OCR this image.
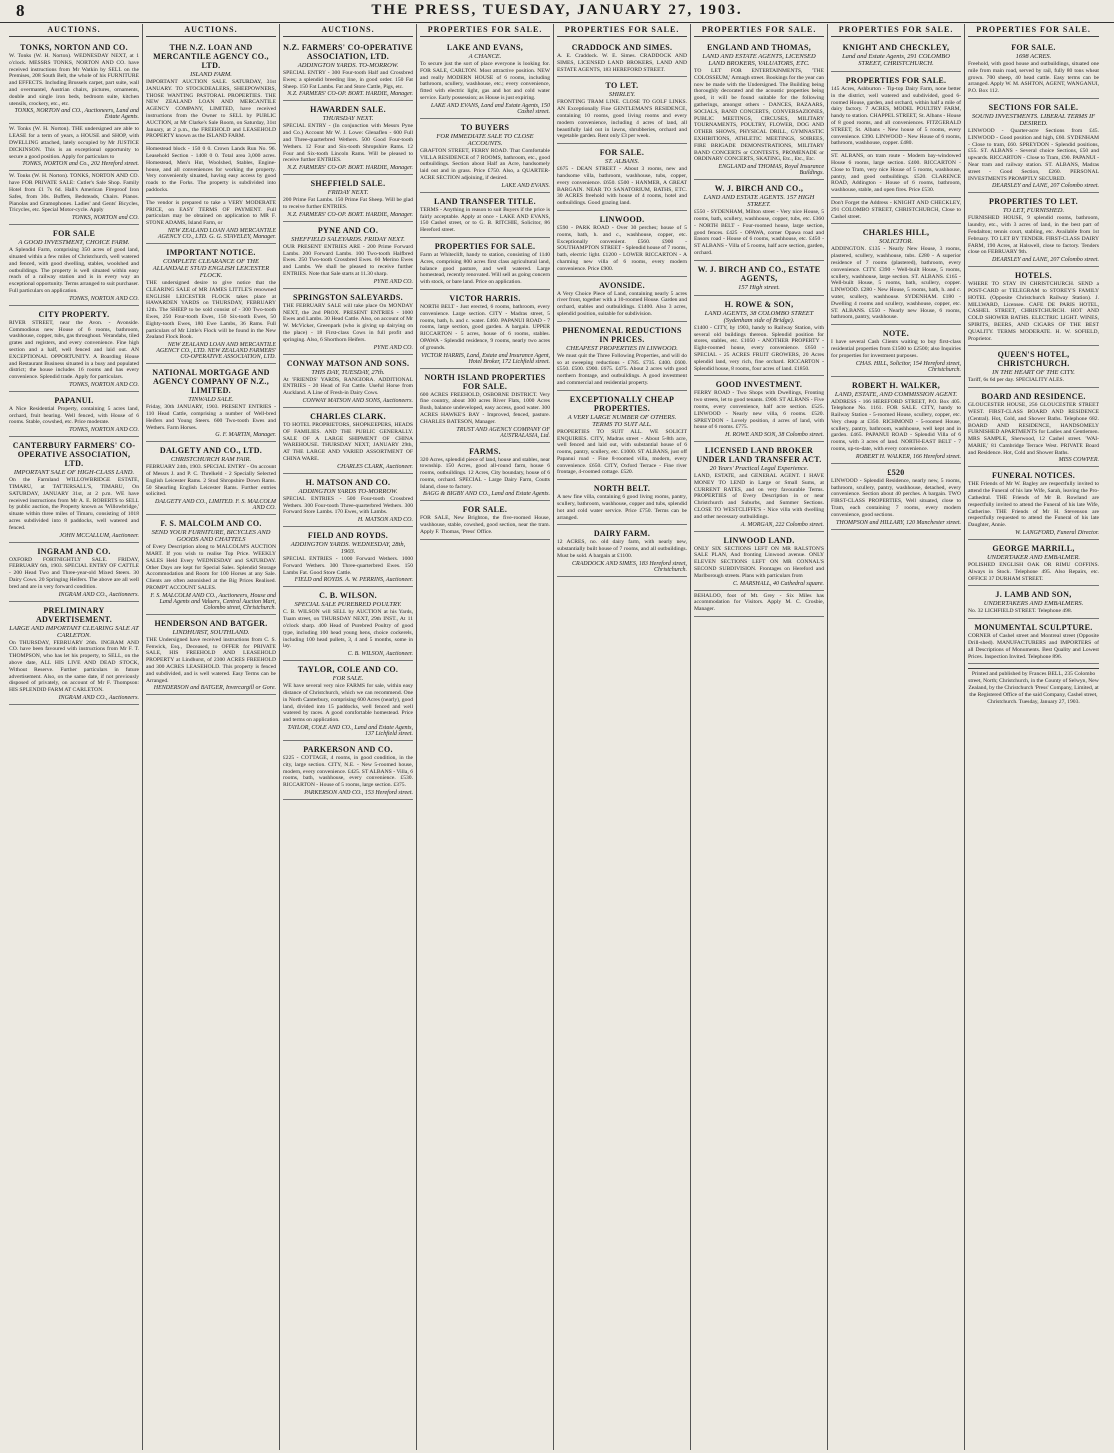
8	THE PRESS, TUESDAY, JANUARY 27, 1903.
AUCTIONS.
TONKS, NORTON AND CO.

W. Tonks (W. H. Norton). WEDNESDAY NEXT, at 1 o'clock. MESSRS TONKS, NORTON AND CO. have received instructions from Mr Watkin by SELL on the Premises, 208 South Belt, the whole of his FURNITURE and EFFECTS. Including Brussels carpet, part suite, wall and overmantel, Austrian chairs, pictures, ornaments, double and single iron beds, bedroom suite, kitchen utensils, crockery, etc., etc.

TONKS, NORTON and CO., Auctioneers, Land and Estate Agents.

W. Tonks (W. H. Norton). THE undersigned are able to LEASE for a term of years, a HOUSE and SHOP, with DWELLING attached, lately occupied by Mr JUSTICE DICKINSON. This is an exceptional opportunity to secure a good position. Apply for particulars to

TONKS, NORTON and Co., 202 Hereford street.

W. Tonks (W. H. Norton). TONKS, NORTON AND CO. have FOR PRIVATE SALE: Cutler's Sale Shop. Family Hotel from £1 7s 6d. Hall's American Fireproof Iron Safes, from 30s. Buffets, Bedsteads, Chairs. Pianos. Pianolas and Gramophones. Ladies' and Gents' Bicycles, Tricycles, etc. Special Motor-cycle. Apply

TONKS, NORTON and CO.
FOR SALE
A GOOD INVESTMENT, CHOICE FARM.

A Splendid Farm, comprising 350 acres of good land, situated within a few miles of Christchurch, well watered and fenced, with good dwelling, stables, woolshed and outbuildings. The property is well situated within easy reach of a railway station and is in every way an exceptional opportunity. Terms arranged to suit purchaser. Full particulars on application.

TONKS, NORTON AND CO.
CITY PROPERTY.

RIVER STREET, near the Avon. - Avonside. Commodious new House of 6 rooms, bathroom, washhouse, copper, tubs, gas throughout. Verandahs, tiled grates and registers, and every convenience. Fine high section and a half, well fenced and laid out. AN EXCEPTIONAL OPPORTUNITY. A Boarding House and Restaurant Business situated in a busy and populated district; the house includes 16 rooms and has every convenience. Splendid trade. Apply for particulars.

TONKS, NORTON AND CO.
PAPANUI.

A Nice Residential Property, containing 5 acres land, orchard, fruit bearing. Well fenced, with House of 6 rooms. Stable, cowshed, etc. Price moderate.

TONKS, NORTON AND CO.
CANTERBURY FARMERS' CO-OPERATIVE ASSOCIATION, LTD.
IMPORTANT SALE OF HIGH-CLASS LAND.

On the Farmland WILLOWBRIDGE ESTATE, TIMARU, at TATTERSALL'S, TIMARU, On SATURDAY, JANUARY 31st, at 2 p.m. WE have received instructions from Mr A. E. ROBERTS to SELL by public auction, the Property known as 'Willowbridge,' situate within three miles of Timaru, consisting of 1018 acres subdivided into 8 paddocks, well watered and fenced.

JOHN MCCALLUM, Auctioneer.
INGRAM AND CO.

OXFORD FORTNIGHTLY SALE. FRIDAY, FEBRUARY 6th, 1903. SPECIAL ENTRY OF CATTLE - 200 Head Two and Three-year-old Mixed Steers. 30 Dairy Cows. 20 Springing Heifers. The above are all well bred and are in very forward condition.

INGRAM AND CO., Auctioneers.
PRELIMINARY ADVERTISEMENT.
LARGE AND IMPORTANT CLEARING SALE AT CARLETON.

On THURSDAY, FEBRUARY 26th. INGRAM AND CO. have been favoured with instructions from Mr F. T. THOMPSON, who has let his property, to SELL, on the above date, ALL HIS LIVE AND DEAD STOCK, Without Reserve. Further particulars in future advertisement. Also, on the same date, if not previously disposed of privately, on account of Mr F. Thompson: HIS SPLENDID FARM AT CARLETON.

INGRAM AND CO., Auctioneers.
AUCTIONS.
THE N.Z. LOAN AND MERCANTILE AGENCY CO., LTD.
ISLAND FARM.

IMPORTANT AUCTION SALE. SATURDAY, 31st JANUARY. TO STOCKDEALERS, SHEEPOWNERS, THOSE WANTING PASTORAL PROPERTIES. THE NEW ZEALAND LOAN AND MERCANTILE AGENCY COMPANY, LIMITED, have received instructions from the Owner to SELL by PUBLIC AUCTION, at Mr Clarke's Sale Room, on Saturday, 31st January, at 2 p.m., the FREEHOLD and LEASEHOLD PROPERTY known as the ISLAND FARM.

Homestead block - 150 0 0. Crown Lands Run No. 96. Leasehold Section - 1408 0 0. Total area 3,000 acres. Homestead, Men's Hut, Woolshed, Stables, Engine-house, and all conveniences for working the property. Very conveniently situated, having easy access by good roads to the Forks. The property is subdivided into paddocks.

The vendor is prepared to take a VERY MODERATE PRICE, on EASY TERMS OF PAYMENT. Full particulars may be obtained on application to MR F. STONE ADAMS, Island Farm, or

NEW ZEALAND LOAN AND MERCANTILE AGENCY CO., LTD. G. G. STAVELEY, Manager.
IMPORTANT NOTICE.
COMPLETE CLEARANCE OF THE ALLANDALE STUD ENGLISH LEICESTER FLOCK.

THE undersigned desire to give notice that the CLEARING SALE of MR JAMES LITTLE'S renowned ENGLISH LEICESTER FLOCK takes place at HAWARDEN YARDS on THURSDAY, FEBRUARY 12th. The SHEEP to be sold consist of - 300 Two-tooth Ewes, 250 Four-tooth Ewes, 150 Six-tooth Ewes, 50 Eighty-tooth Ewes, 180 Ewe Lambs, 36 Rams. Full particulars of Mr Little's Flock will be found in the New Zealand Flock Book.

NEW ZEALAND LOAN AND MERCANTILE AGENCY CO., LTD. NEW ZEALAND FARMERS' CO-OPERATIVE ASSOCIATION, LTD.
NATIONAL MORTGAGE AND AGENCY COMPANY OF N.Z., LIMITED.
TINWALD SALE.

Friday, 30th JANUARY, 1903. PRESENT ENTRIES - 110 Head Cattle, comprising a number of Well-bred Heifers and Young Steers. 600 Two-tooth Ewes and Wethers. Farm Horses.

G. F. MARTIN, Manager.
DALGETY AND CO., LTD.
CHRISTCHURCH RAM FAIR.

FEBRUARY 24th, 1903. SPECIAL ENTRY - On account of Messrs J. and P. C. Threlkeld - 2 Specially Selected English Leicester Rams. 2 Stud Shropshire Down Rams. 50 Shearling English Leicester Rams. Further entries solicited.

DALGETY AND CO., LIMITED. F. S. MALCOLM AND CO.
F. S. MALCOLM AND CO.
SEND YOUR FURNITURE, BICYCLES AND GOODS AND CHATTELS

of Every Description along to MALCOLM'S AUCTION MART. If you wish to realise Top Price. WEEKLY SALES Held Every WEDNESDAY and SATURDAY. Other Days are kept for Special Sales. Splendid Storage Accommodation and Room for 100 Horses at any Sale. Clients are often astonished at the Big Prices Realised. PROMPT ACCOUNT SALES.

F. S. MALCOLM AND CO., Auctioneers, House and Land Agents and Valuers, Central Auction Mart, Colombo street, Christchurch.
HENDERSON AND BATGER.
LINDHURST, SOUTHLAND.

THE Undersigned have received instructions from C. S. Fenwick, Esq., Deceased, to OFFER for PRIVATE SALE, HIS FREEHOLD AND LEASEHOLD PROPERTY at Lindhurst, of 2300 ACRES FREEHOLD and 300 ACRES LEASEHOLD. This property is fenced and subdivided, and is well watered. Easy Terms can be Arranged.

HENDERSON and BATGER, Invercargill or Gore.
AUCTIONS.
N.Z. FARMERS' CO-OPERATIVE ASSOCIATION, LTD.
ADDINGTON YARDS. TO-MORROW.

SPECIAL ENTRY - 300 Four-tooth Half and Crossbred Ewes; a splendid breeding line, in good order. 150 Fat Sheep. 150 Fat Lambs. Fat and Store Cattle, Pigs, etc.

N.Z. FARMERS' CO-OP. BORT. HARDIE, Manager.
HAWARDEN SALE.
THURSDAY NEXT.

SPECIAL ENTRY - (In conjunction with Messrs Pyne and Co.) Account Mr W. J. Lowe: Glenaflen - 600 Full and Three-quarterbred Wethers. 500 Good Four-tooth Wethers. 12 Four and Six-tooth Shropshire Rams. 12 Four and Six-tooth Lincoln Rams. Will be pleased to receive further ENTRIES.

N.Z. FARMERS' CO-OP. BORT. HARDIE, Manager.
SHEFFIELD SALE.
FRIDAY NEXT.

200 Prime Fat Lambs. 150 Prime Fat Sheep. Will be glad to receive further ENTRIES.

N.Z. FARMERS' CO-OP. BORT. HARDIE, Manager.
PYNE AND CO.
SHEFFIELD SALEYARDS. FRIDAY NEXT.

OUR PRESENT ENTRIES ARE - 200 Prime Forward Lambs. 200 Forward Lambs. 100 Two-tooth Halfbred Ewes. 250 Two-tooth Crossbred Ewes. 60 Merino Ewes and Lambs. We shall be pleased to receive further ENTRIES. Note that Sale starts at 11.30 sharp.

PYNE AND CO.
SPRINGSTON SALEYARDS.

THE FEBRUARY SALE will take place On MONDAY NEXT, the 2nd PROX. PRESENT ENTRIES - 1000 Ewes and Lambs. 30 Head Cattle. Also, on account of Mr W. McVicker, Greenpark (who is giving up dairying on the place) - 18 First-class Cows in full profit and springing. Also, 6 Shorthorn Heifers.

PYNE AND CO.
CONWAY MATSON AND SONS.
THIS DAY, TUESDAY, 27th.

At 'FRIENDS' YARDS, RANGIORA. ADDITIONAL ENTRIES - 20 Head of Fat Cattle. Useful Horse from Auckland. A Line of Fresh-in Dairy Cows.

CONWAY MATSON AND SONS, Auctioneers.
CHARLES CLARK.

TO HOTEL PROPRIETORS, SHOPKEEPERS, HEADS OF FAMILIES. AND THE PUBLIC GENERALLY. SALE OF A LARGE SHIPMENT OF CHINA WAREHOUSE. THURSDAY NEXT, JANUARY 29th, AT THE LARGE AND VARIED ASSORTMENT OF CHINA WARE.

CHARLES CLARK, Auctioneer.
H. MATSON AND CO.
ADDINGTON YARDS TO-MORROW.

SPECIAL ENTRIES - 500 Four-tooth Crossbred Wethers. 300 Four-tooth Three-quarterbred Wethers. 300 Forward Store Lambs. 170 Ewes, with Lambs.

H. MATSON AND CO.
FIELD AND ROYDS.
ADDINGTON YARDS. WEDNESDAY, 28th, 1903.

SPECIAL ENTRIES - 1000 Forward Wethers. 1000 Forward Wethers. 300 Three-quarterbred Ewes. 150 Lambs Fat. Good Store Cattle.

FIELD and ROYDS. A. W. PERRINS, Auctioneer.
C. B. WILSON.
SPECIAL SALE PUREBRED POULTRY.

C. B. WILSON will SELL by AUCTION at his Yards, Tuam street, on THURSDAY NEXT, 29th INST., At 11 o'clock sharp. 400 Head of Purebred Poultry of good type, including 100 head young hens, choice cockerels, including 100 head pullets, 3, 4 and 5 months, some in lay.

C. B. WILSON, Auctioneer.
TAYLOR, COLE AND CO.
FOR SALE.

WE have several very nice FARMS for sale, within easy distance of Christchurch, which we can recommend. One in North Canterbury, comprising 600 Acres (nearly), good land, divided into 15 paddocks, well fenced and well watered by races. A good comfortable homestead. Price and terms on application.

TAYLOR, COLE AND CO., Land and Estate Agents, 137 Lichfield street.
PARKERSON AND CO.

£225 - COTTAGE, 4 rooms, in good condition, in the city, large section. CITY, N.E. - New 5-roomed house, modern, every convenience. £425. ST ALBANS - Villa, 6 rooms, bath, washhouse, every convenience. £530. RICCARTON - House of 5 rooms, large section. £375.

PARKERSON AND CO., 153 Hereford street.
PROPERTIES FOR SALE.
LAKE AND EVANS,
A CHANCE.

To secure just the sort of place everyone is looking for. FOR SALE, CARLTON. Most attractive position. NEW and really MODERN HOUSE of 6 rooms, including bathroom, scullery, washhouse, etc.; every convenience, fitted with electric light, gas and hot and cold water service. Early possession; as House is just expiring.

LAKE AND EVANS, Land and Estate Agents, 150 Cashel street.
TO BUYERS
FOR IMMEDIATE SALE TO CLOSE ACCOUNTS.

GRAFTON STREET, FERRY ROAD. That Comfortable VILLA RESIDENCE of 7 ROOMS, bathroom, etc., good outbuildings. Section about Half an Acre, handsomely laid out and in grass. Price £750. Also, a QUARTER-ACRE SECTION adjoining, if desired.

LAKE AND EVANS.
LAND TRANSFER TITLE.

TERMS - Anything in reason to suit Buyers if the price is fairly acceptable. Apply at once - LAKE AND EVANS, 150 Cashel street, or to G. B. RITCHIE, Solicitor, 86 Hereford street.

PROPERTIES FOR SALE.

Farm at Whiteclift, handy to station, consisting of 1140 Acres, comprising 800 acres first class agricultural land, balance good pasture, and well watered. Large homestead, recently renovated. Will sell as going concern with stock, or bare land. Price on application.

VICTOR HARRIS.

NORTH BELT - Just erected, 6 rooms, bathroom, every convenience. Large section. CITY - Madras street, 5 rooms, bath, h. and c. water. £460. PAPANUI ROAD - 7 rooms, large section, good garden. A bargain. UPPER RICCARTON - 5 acres, house of 6 rooms, stables. OPAWA - Splendid residence, 9 rooms, nearly two acres of grounds.

VICTOR HARRIS, Land, Estate and Insurance Agent, Hotel Broker, 172 Lichfield street.
NORTH ISLAND PROPERTIES FOR SALE.

600 ACRES FREEHOLD, OSBORNE DISTRICT. Very fine country, about 300 acres River Flats, 1000 Acres Bush, balance undeveloped, easy access, good water. 300 ACRES HAWKE'S BAY - Improved, fenced, pasture. CHARLES BATESON, Manager.

TRUST AND AGENCY COMPANY OF AUSTRALASIA, Ltd.
FARMS.

320 Acres, splendid piece of land, house and stables, near township. 150 Acres, good all-round farm, house 6 rooms, outbuildings. 12 Acres, City boundary, house of 6 rooms, orchard. SPECIAL - Large Dairy Farm, Coutts Island, close to factory.

BAGG & BIGBY AND CO., Land and Estate Agents.
FOR SALE.

FOR SALE, New Brighton, the five-roomed House, washhouse, stable, cowshed, good section, near the tram. Apply F. Thomas, 'Press' Office.

PROPERTIES FOR SALE.
CRADDOCK AND SIMES.

A. E. Craddock. W. E. Simes. CRADDOCK AND SIMES, LICENSED LAND BROKERS, LAND AND ESTATE AGENTS, 183 HEREFORD STREET.

TO LET.
SHIRLEY.

FRONTING TRAM LINE. CLOSE TO GOLF LINKS. AN Exceptionally Fine GENTLEMAN'S RESIDENCE, containing 10 rooms, good living rooms and every modern convenience, including 4 acres of land, all beautifully laid out in lawns, shrubberies, orchard and vegetable garden. Rent only £3 per week.

FOR SALE.
ST. ALBANS.

£675 - DEAN STREET - About 3 rooms, new and handsome villa, bathroom, washhouse, tubs, copper, every convenience. £650. £500 - HANMER, A GREAT BARGAIN. NEAR TO SANATORIUM, BATHS, ETC. 30 ACRES freehold with house of 4 rooms, hotel and outbuildings. Good grazing land.

LINWOOD.

£590 - PARK ROAD - Over 30 perches; house of 5 rooms, bath, h. and c., washhouse, copper, etc. Exceptionally convenient. £560. £900 - SOUTHAMPTON STREET - Splendid house of 7 rooms, bath, electric light. £1200 - LOWER RICCARTON - A charming new villa of 6 rooms, every modern convenience. Price £900.

AVONSIDE.

A Very Choice Piece of Land, containing nearly 5 acres river front, together with a 10-roomed House. Garden and orchard, stables and outbuildings. £1400. Also 3 acres, splendid position, suitable for subdivision.

PHENOMENAL REDUCTIONS IN PRICES.
CHEAPEST PROPERTIES IN LINWOOD.

We must quit the Three Following Properties, and will do so at sweeping reductions - £785. £735. £400. £600. £550. £500. £900. £675. £475. About 2 acres with good northern frontage, and outbuildings. A good investment and commercial and residential property.

EXCEPTIONALLY CHEAP PROPERTIES.
A VERY LARGE NUMBER OF OTHERS. TERMS TO SUIT ALL.

PROPERTIES TO SUIT ALL. WE SOLICIT ENQUIRIES. CITY, Madras street - About 5-8th acre, well fenced and laid out, with substantial house of 6 rooms, pantry, scullery, etc. £1000. ST ALBANS, just off Papanui road - Fine 8-roomed villa, modern, every convenience. £650. CITY, Oxford Terrace - Fine river frontage, 4-roomed cottage. £520.

NORTH BELT.

A new fine villa, containing 6 good living rooms, pantry, scullery, bathroom, washhouse, copper and tubs, splendid hot and cold water service. Price £750. Terms can be arranged.

DAIRY FARM.

12 ACRES, no. old dairy farm, with nearly new, substantially built house of 7 rooms, and all outbuildings. Must be sold. A bargain at £1100.

CRADDOCK AND SIMES, 183 Hereford street, Christchurch.
PROPERTIES FOR SALE.
ENGLAND AND THOMAS,
LAND AND ESTATE AGENTS, LICENSED LAND BROKERS, VALUATORS, ETC.

TO LET FOR ENTERTAINMENTS, 'THE COLOSSEUM,' Armagh street. Bookings for the year can now be made with the Undersigned. The Building being thoroughly decorated and the acoustic properties being good, it will be found suitable for the following gatherings, amongst others - DANCES, BAZAARS, SOCIALS, BAND CONCERTS, CONVERSAZIONES, PUBLIC MEETINGS, CIRCUSES, MILITARY TOURNAMENTS, POULTRY, FLOWER, DOG AND OTHER SHOWS, PHYSICAL DRILL, GYMNASTIC EXHIBITIONS, ATHLETIC MEETINGS, SOIREES, FIRE BRIGADE DEMONSTRATIONS, MILITARY BAND CONCERTS or CONTESTS, PROMENADE or ORDINARY CONCERTS, SKATING, Etc., Etc., Etc.

ENGLAND and THOMAS, Royal Insurance Buildings.
W. J. BIRCH AND CO.,
LAND AND ESTATE AGENTS. 157 HIGH STREET.

£550 - SYDENHAM, Milton street - Very nice House, 5 rooms, bath, scullery, washhouse, copper, tubs, etc. £360 - NORTH BELT - Four-roomed house, large section, good fences. £425 - OPAWA, corner Opawa road and Ensors road - House of 6 rooms, washhouse, etc. £450 - ST ALBANS - Villa of 5 rooms, half acre section, garden, orchard.

W. J. BIRCH AND CO., ESTATE AGENTS,
157 High street.
H. ROWE & SON,
LAND AGENTS, 38 COLOMBO STREET (Sydenham side of Bridge).

£1400 - CITY, by 1903, handy to Railway Station, with several old buildings thereon. Splendid position for stores, stables, etc. £1050 - ANOTHER PROPERTY - Eight-roomed house, every convenience. £650 - SPECIAL - 25 ACRES FRUIT GROWERS, 20 Acres splendid land, very rich, fine orchard. RICCARTON - Splendid house, 8 rooms, four acres of land. £1850.

GOOD INVESTMENT.

FERRY ROAD - Two Shops with Dwellings, Fronting two streets, let to good tenants. £900. ST ALBANS - Five rooms, every convenience, half acre section. £525. LINWOOD - Nearly new villa, 6 rooms. £520. SPREYDON - Lovely position, 4 acres of land, with house of 6 rooms. £775.

H. ROWE AND SON, 38 Colombo street.
LICENSED LAND BROKER UNDER LAND TRANSFER ACT.
20 Years' Practical Legal Experience.

LAND, ESTATE, and GENERAL AGENT. I HAVE MONEY TO LEND in Large or Small Sums, at CURRENT RATES, and on very favourable Terms. PROPERTIES of Every Description in or near Christchurch and Suburbs, and Summer Sections. CLOSE TO WESTCLIFFE'S - Nice villa with dwelling and other necessary outbuildings.

A. MORGAN, 222 Colombo street.
LINWOOD LAND.

ONLY SIX SECTIONS LEFT ON MR RALSTON'S SALE PLAN, And fronting Linwood avenue. ONLY ELEVEN SECTIONS LEFT ON MR CONNAL'S SECOND SUBDIVISION. Frontages on Hereford and Marlborough streets. Plans with particulars from

C. MARSHALL, 40 Cathedral square.

BEHALOO, foot of Mt. Grey - Six Miles has accommodation for Visitors. Apply M. C. Crosbie, Manager.

PROPERTIES FOR SALE.
KNIGHT AND CHECKLEY,
Land and Estate Agents, 291 COLOMBO STREET, CHRISTCHURCH.
PROPERTIES FOR SALE.

145 Acres, Ashburton - Tip-top Dairy Farm, none better in the district, well watered and subdivided, good 6-roomed House, garden, and orchard, within half a mile of dairy factory. 7 ACRES, MODEL POULTRY FARM, handy to station. CHAPPEL STREET, St. Albans - House of 8 good rooms, and all conveniences. FITZGERALD STREET, St. Albans - New house of 5 rooms, every convenience. £390. LINWOOD - New House of 6 rooms, bathroom, washhouse, copper. £480.

ST. ALBANS, on tram route - Modern bay-windowed House 6 rooms, large section. £400. RICCARTON - Close to Tram, very nice House of 5 rooms, washhouse, pantry, and good outbuildings. £520. CLARENCE ROAD, Addington - House of 6 rooms, bathroom, washhouse, stable, and open fires. Price £530.

Don't Forget the Address - KNIGHT AND CHECKLEY, 291 COLOMBO STREET, CHRISTCHURCH, Close to Cashel street.

CHARLES HILL,
SOLICITOR.

ADDINGTON. £135 - Nearly New House, 3 rooms, plastered, scullery, washhouse, tubs. £280 - A superior residence of 7 rooms (plastered), bathroom, every convenience. CITY. £390 - Well-built House, 5 rooms, scullery, washhouse, large section. ST. ALBANS. £165 - Well-built House, 5 rooms, bath, scullery, copper. LINWOOD. £280 - New House, 5 rooms, bath, h. and c. water, scullery, washhouse. SYDENHAM. £180 - Dwelling 4 rooms and scullery, washhouse, copper, etc. ST. ALBANS. £550 - Nearly new House, 6 rooms, bathroom, pantry, washhouse.

NOTE.

I have several Cash Clients waiting to buy first-class residential properties from £1500 to £2500; also Inquiries for properties for investment purposes.

CHAS. HILL, Solicitor, 154 Hereford street, Christchurch.
ROBERT H. WALKER,
LAND, ESTATE, AND COMMISSION AGENT.

ADDRESS - 166 HEREFORD STREET, P.O. Box 405. Telephone No. 1161. FOR SALE. CITY, handy to Railway Station - 5-roomed House, scullery, copper, etc. Very cheap at £350. RICHMOND - 5-roomed House, scullery, pantry, bathroom, washhouse, well kept and in garden. £465. PAPANUI ROAD - Splendid Villa of 6 rooms, with 3 acres of land. NORTH-EAST BELT - 7 rooms, up-to-date, with every convenience.

ROBERT H. WALKER, 166 Hereford street.
£520

LINWOOD - Splendid Residence, nearly new, 5 rooms, bathroom, scullery, pantry, washhouse, detached, every convenience. Section about 40 perches. A bargain. TWO FIRST-CLASS PROPERTIES, Well situated, close to Tram, each containing 7 rooms, every modern convenience, good sections.

THOMPSON and HILLARY, 120 Manchester street.
PROPERTIES FOR SALE.
FOR SALE.
1698 ACRES.

Freehold, with good house and outbuildings, situated one mile from main road, served by rail, fully 80 tons wheat grown. 700 sheep, 40 head cattle. Easy terms can be arranged. Apply W. M. ASHTON, AGENT, WANGANUI, P.O. Box 112.

SECTIONS FOR SALE.
SOUND INVESTMENTS. LIBERAL TERMS IF DESIRED.

LINWOOD - Quarter-acre Sections from £45. LINWOOD - Good position and high, £60. SYDENHAM - Close to tram, £60. SPREYDON - Splendid positions, £55. ST. ALBANS - Several choice Sections, £50 and upwards. RICCARTON - Close to Tram, £90. PAPANUI - Near tram and railway station. ST. ALBANS, Madras street - Good Section, £260. PERSONAL INVESTMENTS PROMPTLY SECURED.

DEARSLEY and LANE, 207 Colombo street.
PROPERTIES TO LET.
TO LET, FURNISHED.

FURNISHED HOUSE, 9 splendid rooms, bathroom, laundry, etc., with 3 acres of land, in the best part of Fendalton; tennis court, stabling, etc. Available from 1st February. TO LET BY TENDER. FIRST-CLASS DAIRY FARM, 190 Acres, at Halswell, close to factory. Tenders close on FEBRUARY 9th.

DEARSLEY and LANE, 207 Colombo street.
HOTELS.

WHERE TO STAY IN CHRISTCHURCH. SEND a POST-CARD or TELEGRAM to STOREY'S FAMILY HOTEL (Opposite Christchurch Railway Station). J. MILLWARD, Licensee. CAFE DE PARIS HOTEL, CASHEL STREET, CHRISTCHURCH. HOT AND COLD SHOWER BATHS. ELECTRIC LIGHT. WINES, SPIRITS, BEERS, AND CIGARS OF THE BEST QUALITY. TERMS MODERATE. H. W. SOFIELD, Proprietor.

QUEEN'S HOTEL, CHRISTCHURCH.
IN THE HEART OF THE CITY.

Tariff, 6s 6d per day. SPECIALITY ALES.

BOARD AND RESIDENCE.

GLOUCESTER HOUSE, 256 GLOUCESTER STREET WEST. FIRST-CLASS BOARD AND RESIDENCE (Central). Hot, Cold, and Shower Baths. Telephone 682. BOARD AND RESIDENCE, HANDSOMELY FURNISHED APARTMENTS for Ladies and Gentlemen. MRS SAMPLE, Sherwood, 12 Cashel street. 'WAI-MARIE,' 81 Cambridge Terrace West. PRIVATE Board and Residence. Hot, Cold and Shower Baths.

MISS COWPER.
FUNERAL NOTICES.

THE Friends of Mr W. Bagley are respectfully invited to attend the Funeral of his late Wife, Sarah, leaving the Pro-Cathedral. THE Friends of Mr B. Rowland are respectfully invited to attend the Funeral of his late Wife, Catherine. THE Friends of Mr H. Stevenson are respectfully requested to attend the Funeral of his late Daughter, Annie.

W. LANGFORD, Funeral Director.
GEORGE MARRILL,
UNDERTAKER AND EMBALMER.

POLISHED ENGLISH OAK OR RIMU COFFINS. Always in Stock. Telephone 495. Also Repairs, etc. OFFICE 37 DURHAM STREET.

J. LAMB AND SON,
UNDERTAKERS AND EMBALMERS.

No. 32 LICHFIELD STREET. Telephone 498.

MONUMENTAL SCULPTURE.

CORNER of Cashel street and Montreal street (Opposite Drill-shed). MANUFACTURERS and IMPORTERS of all Descriptions of Monuments. Best Quality and Lowest Prices. Inspection Invited. Telephone 896.

Printed and published by Frances BELL, 235 Colombo street, North; Christchurch, in the County of Selwyn, New Zealand, by the Christchurch 'Press' Company, Limited, at the Registered Office of the said Company, Cashel street, Christchurch. Tuesday, January 27, 1903.
